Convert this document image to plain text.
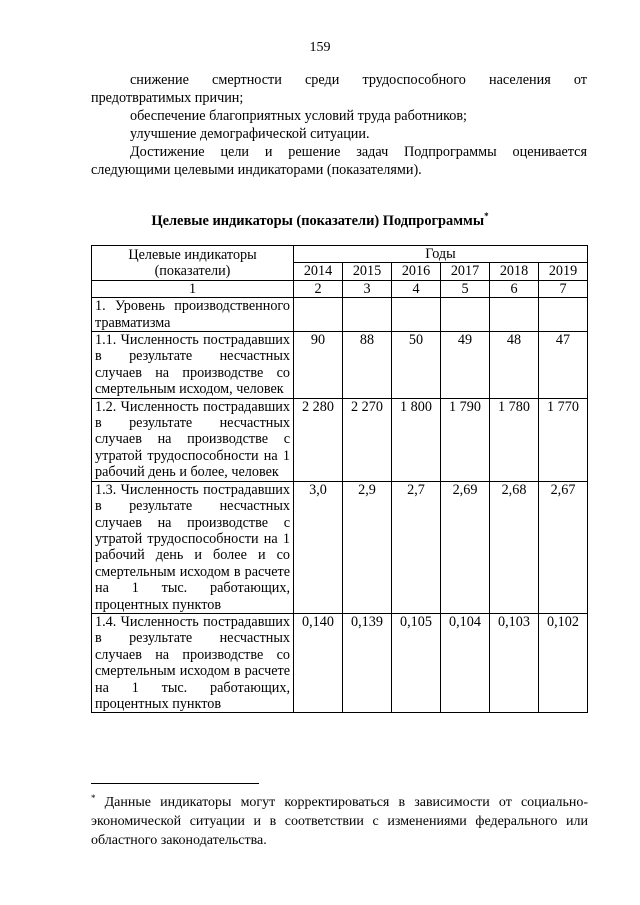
159

снижение смертности среди трудоспособного населения от предотвратимых причин;

обеспечение благоприятных условий труда работников;

улучшение демографической ситуации.

Достижение цели и решение задач Подпрограммы оценивается следующими целевыми индикаторами (показателями).

Целевые индикаторы (показатели) Подпрограммы*
Целевые индикаторы (показатели)	Годы					
	2014	2015	2016	2017	2018	2019
1	2	3	4	5	6	7
1. Уровень производственного травматизма						
1.1. Численность пострадавших в результате несчастных случаев на производстве со смертельным исходом, человек	90	88	50	49	48	47
1.2. Численность пострадавших в результате несчастных случаев на производстве с утратой трудоспособности на 1 рабочий день и более, человек	2 280	2 270	1 800	1 790	1 780	1 770
1.3. Численность пострадавших в результате несчастных случаев на производстве с утратой трудоспособности на 1 рабочий день и более и со смертельным исходом в расчете на 1 тыс. работающих, процентных пунктов	3,0	2,9	2,7	2,69	2,68	2,67
1.4. Численность пострадавших в результате несчастных случаев на производстве со смертельным исходом в расчете на 1 тыс. работающих, процентных пунктов	0,140	0,139	0,105	0,104	0,103	0,102
* Данные индикаторы могут корректироваться в зависимости от социально-экономической ситуации и в соответствии с изменениями федерального или областного законодательства.
